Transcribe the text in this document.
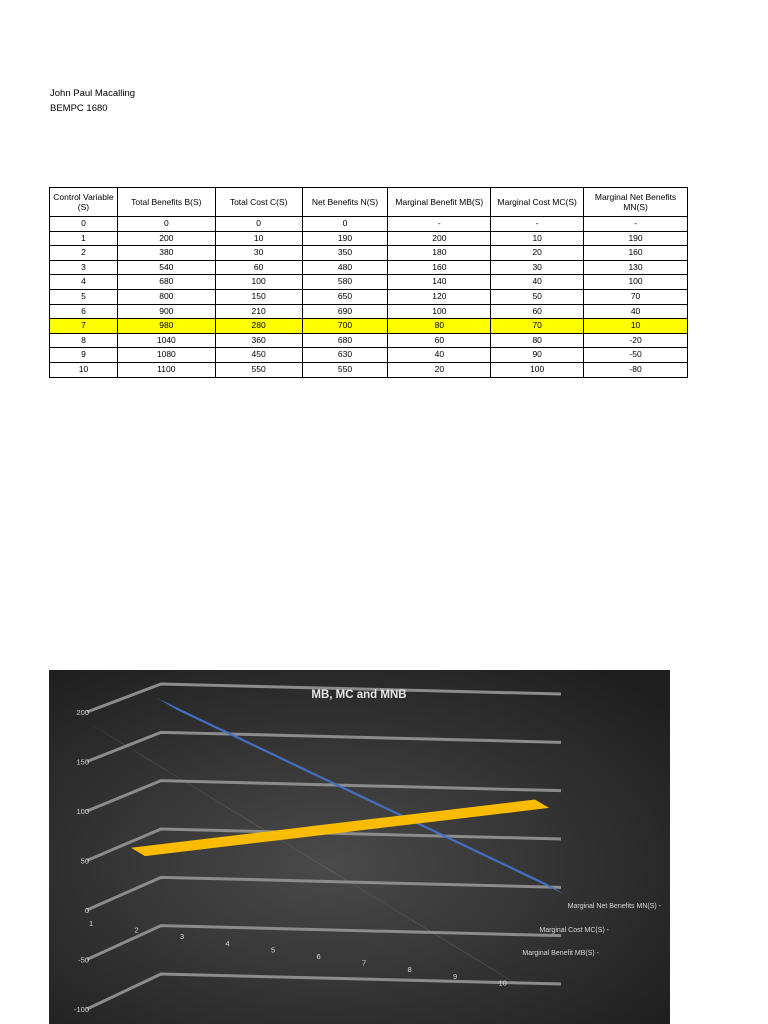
John Paul Macalling
BEMPC 1680
Control Variable (S)	Total Benefits B(S)	Total Cost C(S)	Net Benefits N(S)	Marginal Benefit MB(S)	Marginal Cost MC(S)	Marginal Net Benefits MN(S)
0	0	0	0	-	-	-
1	200	10	190	200	10	190
2	380	30	350	180	20	160
3	540	60	480	160	30	130
4	680	100	580	140	40	100
5	800	150	650	120	50	70
6	900	210	690	100	60	40
7	980	280	700	80	70	10
8	1040	360	680	60	80	-20
9	1080	450	630	40	90	-50
10	1100	550	550	20	100	-80
200
150
100
50
0
-50
-100
1
2
3
4
5
6
7
8
9
10
Marginal Net Benefits MN(S) -
Marginal Cost MC(S) -
Marginal Benefit MB(S) -
MB, MC and MNB
